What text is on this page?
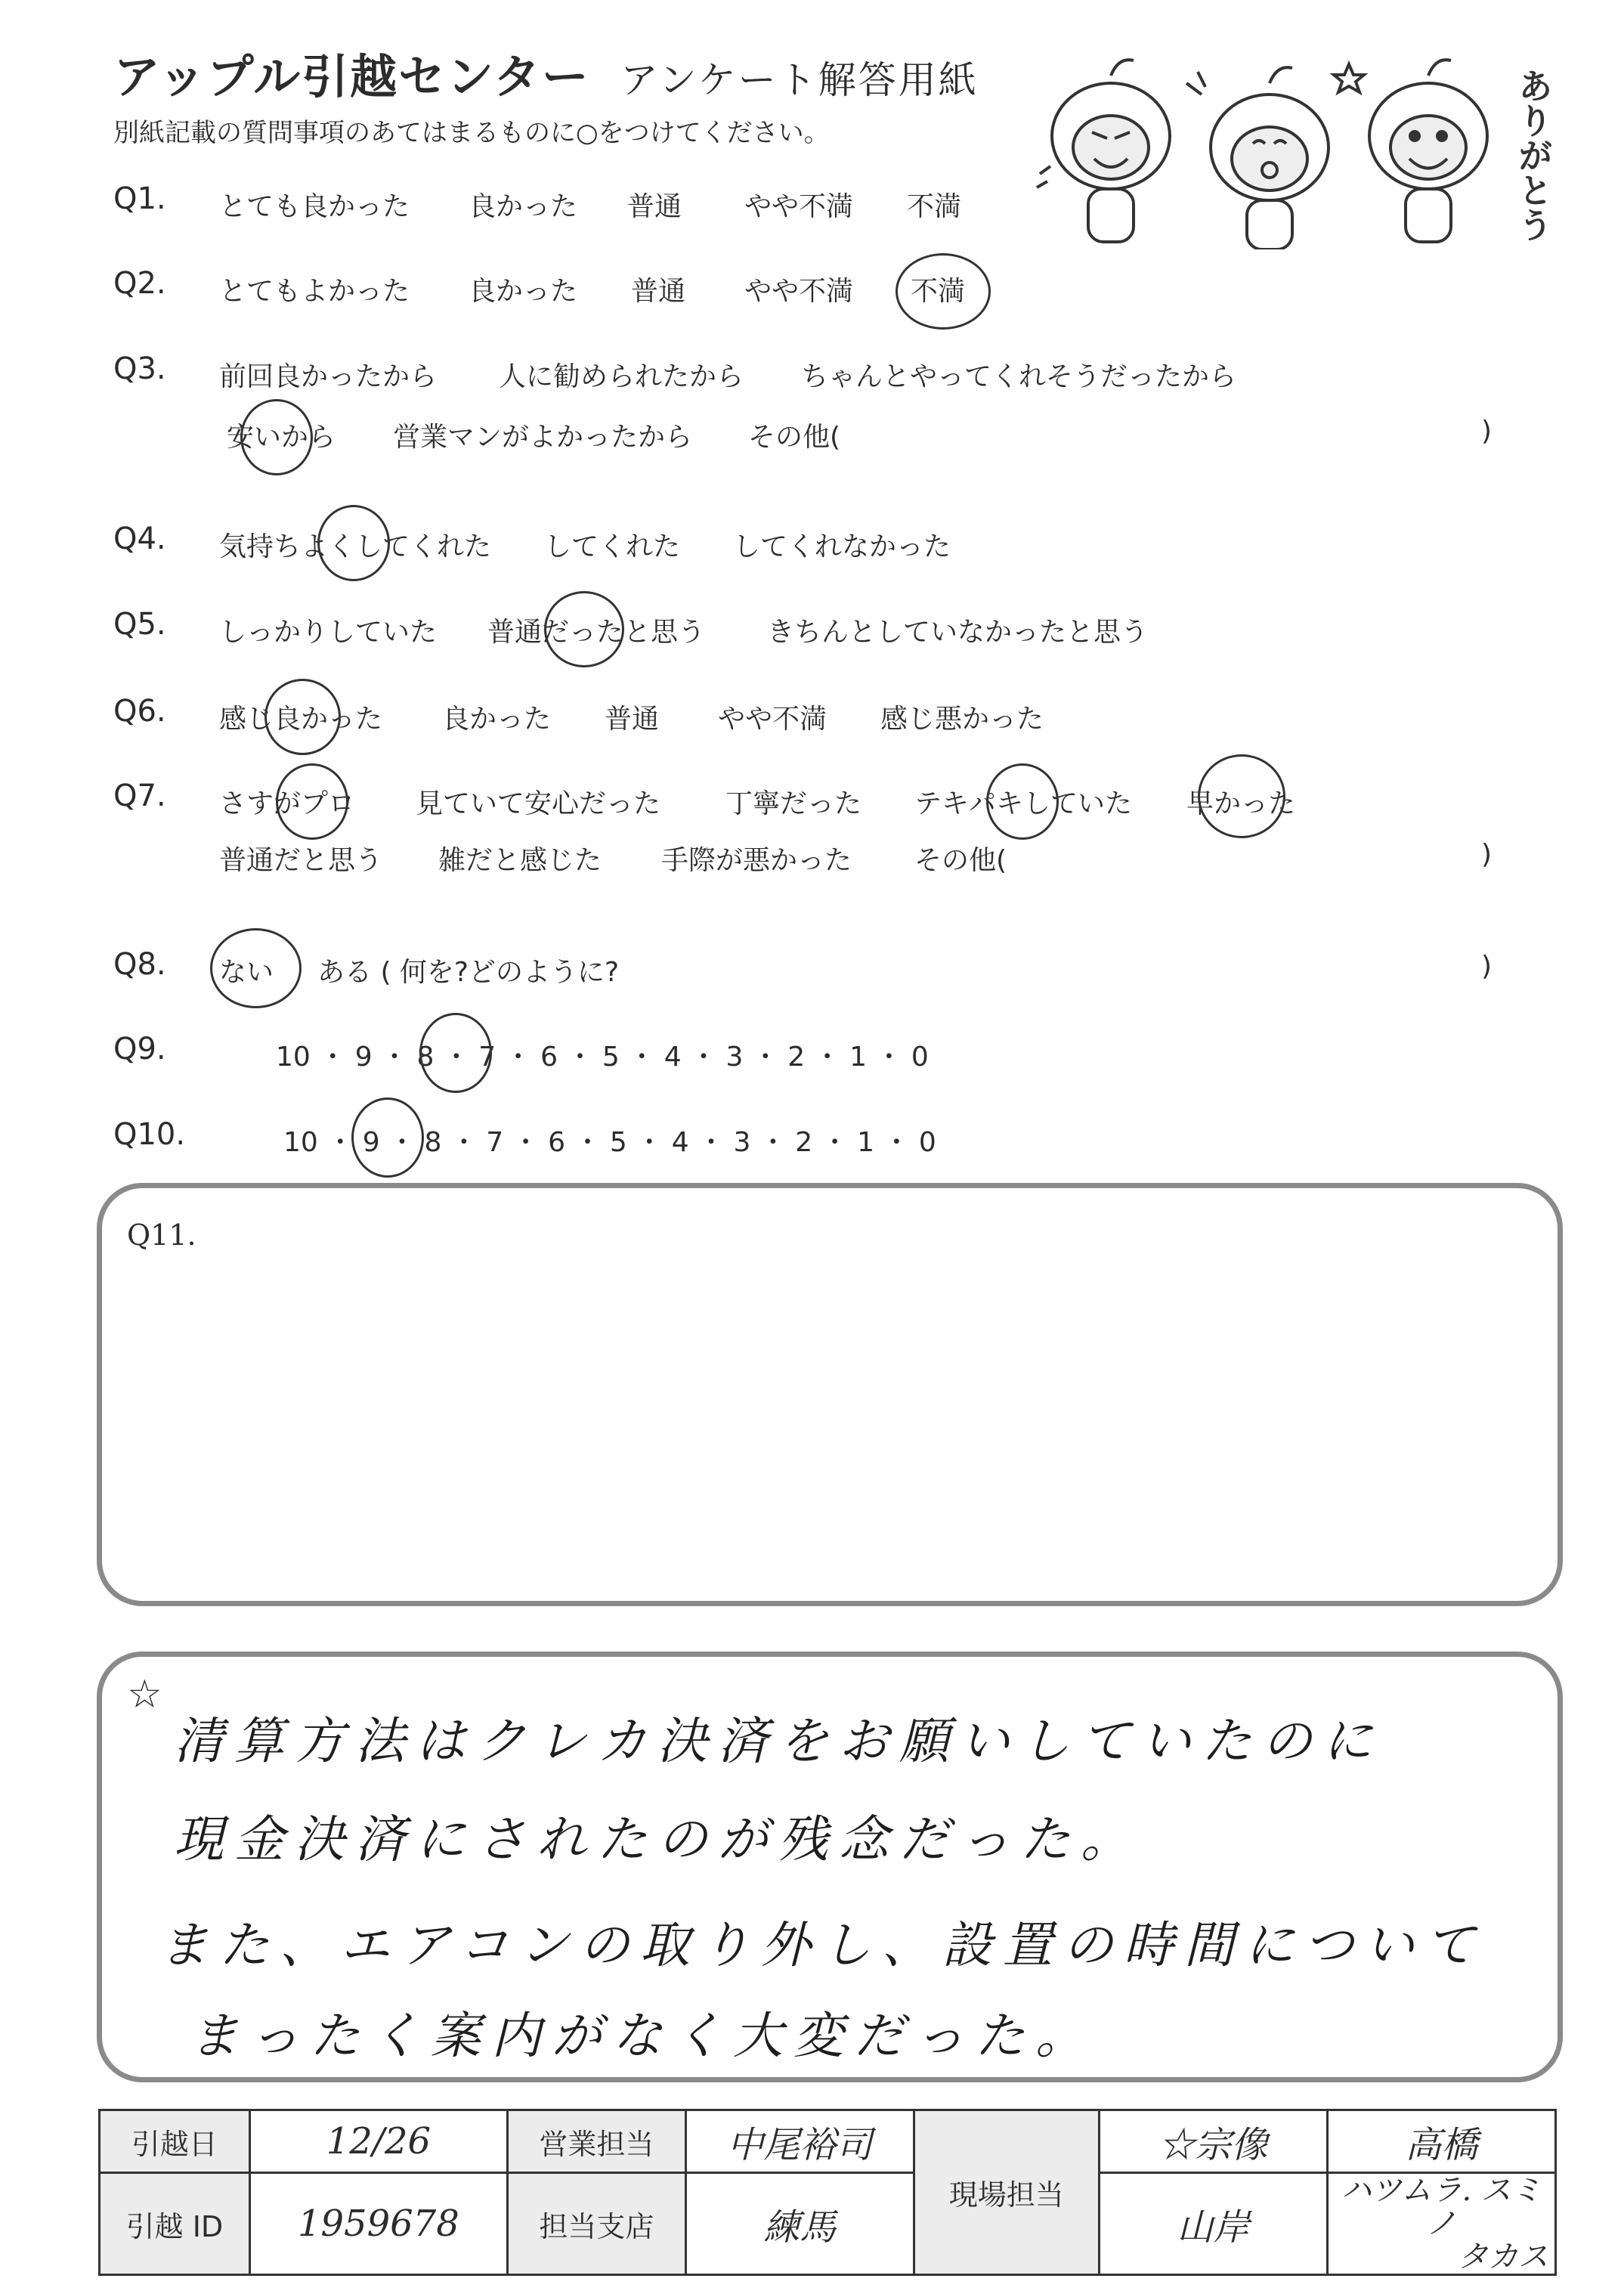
アップル引越センター アンケート解答用紙
別紙記載の質問事項のあてはまるものに○をつけてください。	ありがとう
Q1. とても良かった 良かった 普通 やや不満 不満
Q2. とてもよかった 良かった 普通 やや不満 不満
Q3. 前回良かったから 人に勧められたから ちゃんとやってくれそうだったから
安いから 営業マンがよかったから その他(	)
Q4. 気持ちよくしてくれた してくれた してくれなかった
Q5. しっかりしていた 普通だったと思う きちんとしていなかったと思う
Q6. 感じ良かった 良かった 普通 やや不満 感じ悪かった
Q7. さすがプロ 見ていて安心だった 丁寧だった テキパキしていた 早かった
普通だと思う 雑だと感じた 手際が悪かった その他(	)
Q8. ない ある ( 何を?どのように?	)
Q9.	10 ・ 9 ・ 8 ・ 7 ・ 6 ・ 5 ・ 4 ・ 3 ・ 2 ・ 1 ・ 0
Q10.	10 ・ 9 ・ 8 ・ 7 ・ 6 ・ 5 ・ 4 ・ 3 ・ 2 ・ 1 ・ 0
Q11.
☆
清算方法はクレカ決済をお願いしていたのに
現金決済にされたのが残念だった。
また、エアコンの取り外し、設置の時間について
まったく案内がなく大変だった。
引越日	12/26	営業担当	中尾裕司	現場担当	☆宗像	高橋
引越 ID	1959678	担当支店	練馬		山岸	ハツムラ. スミノ
タカス
